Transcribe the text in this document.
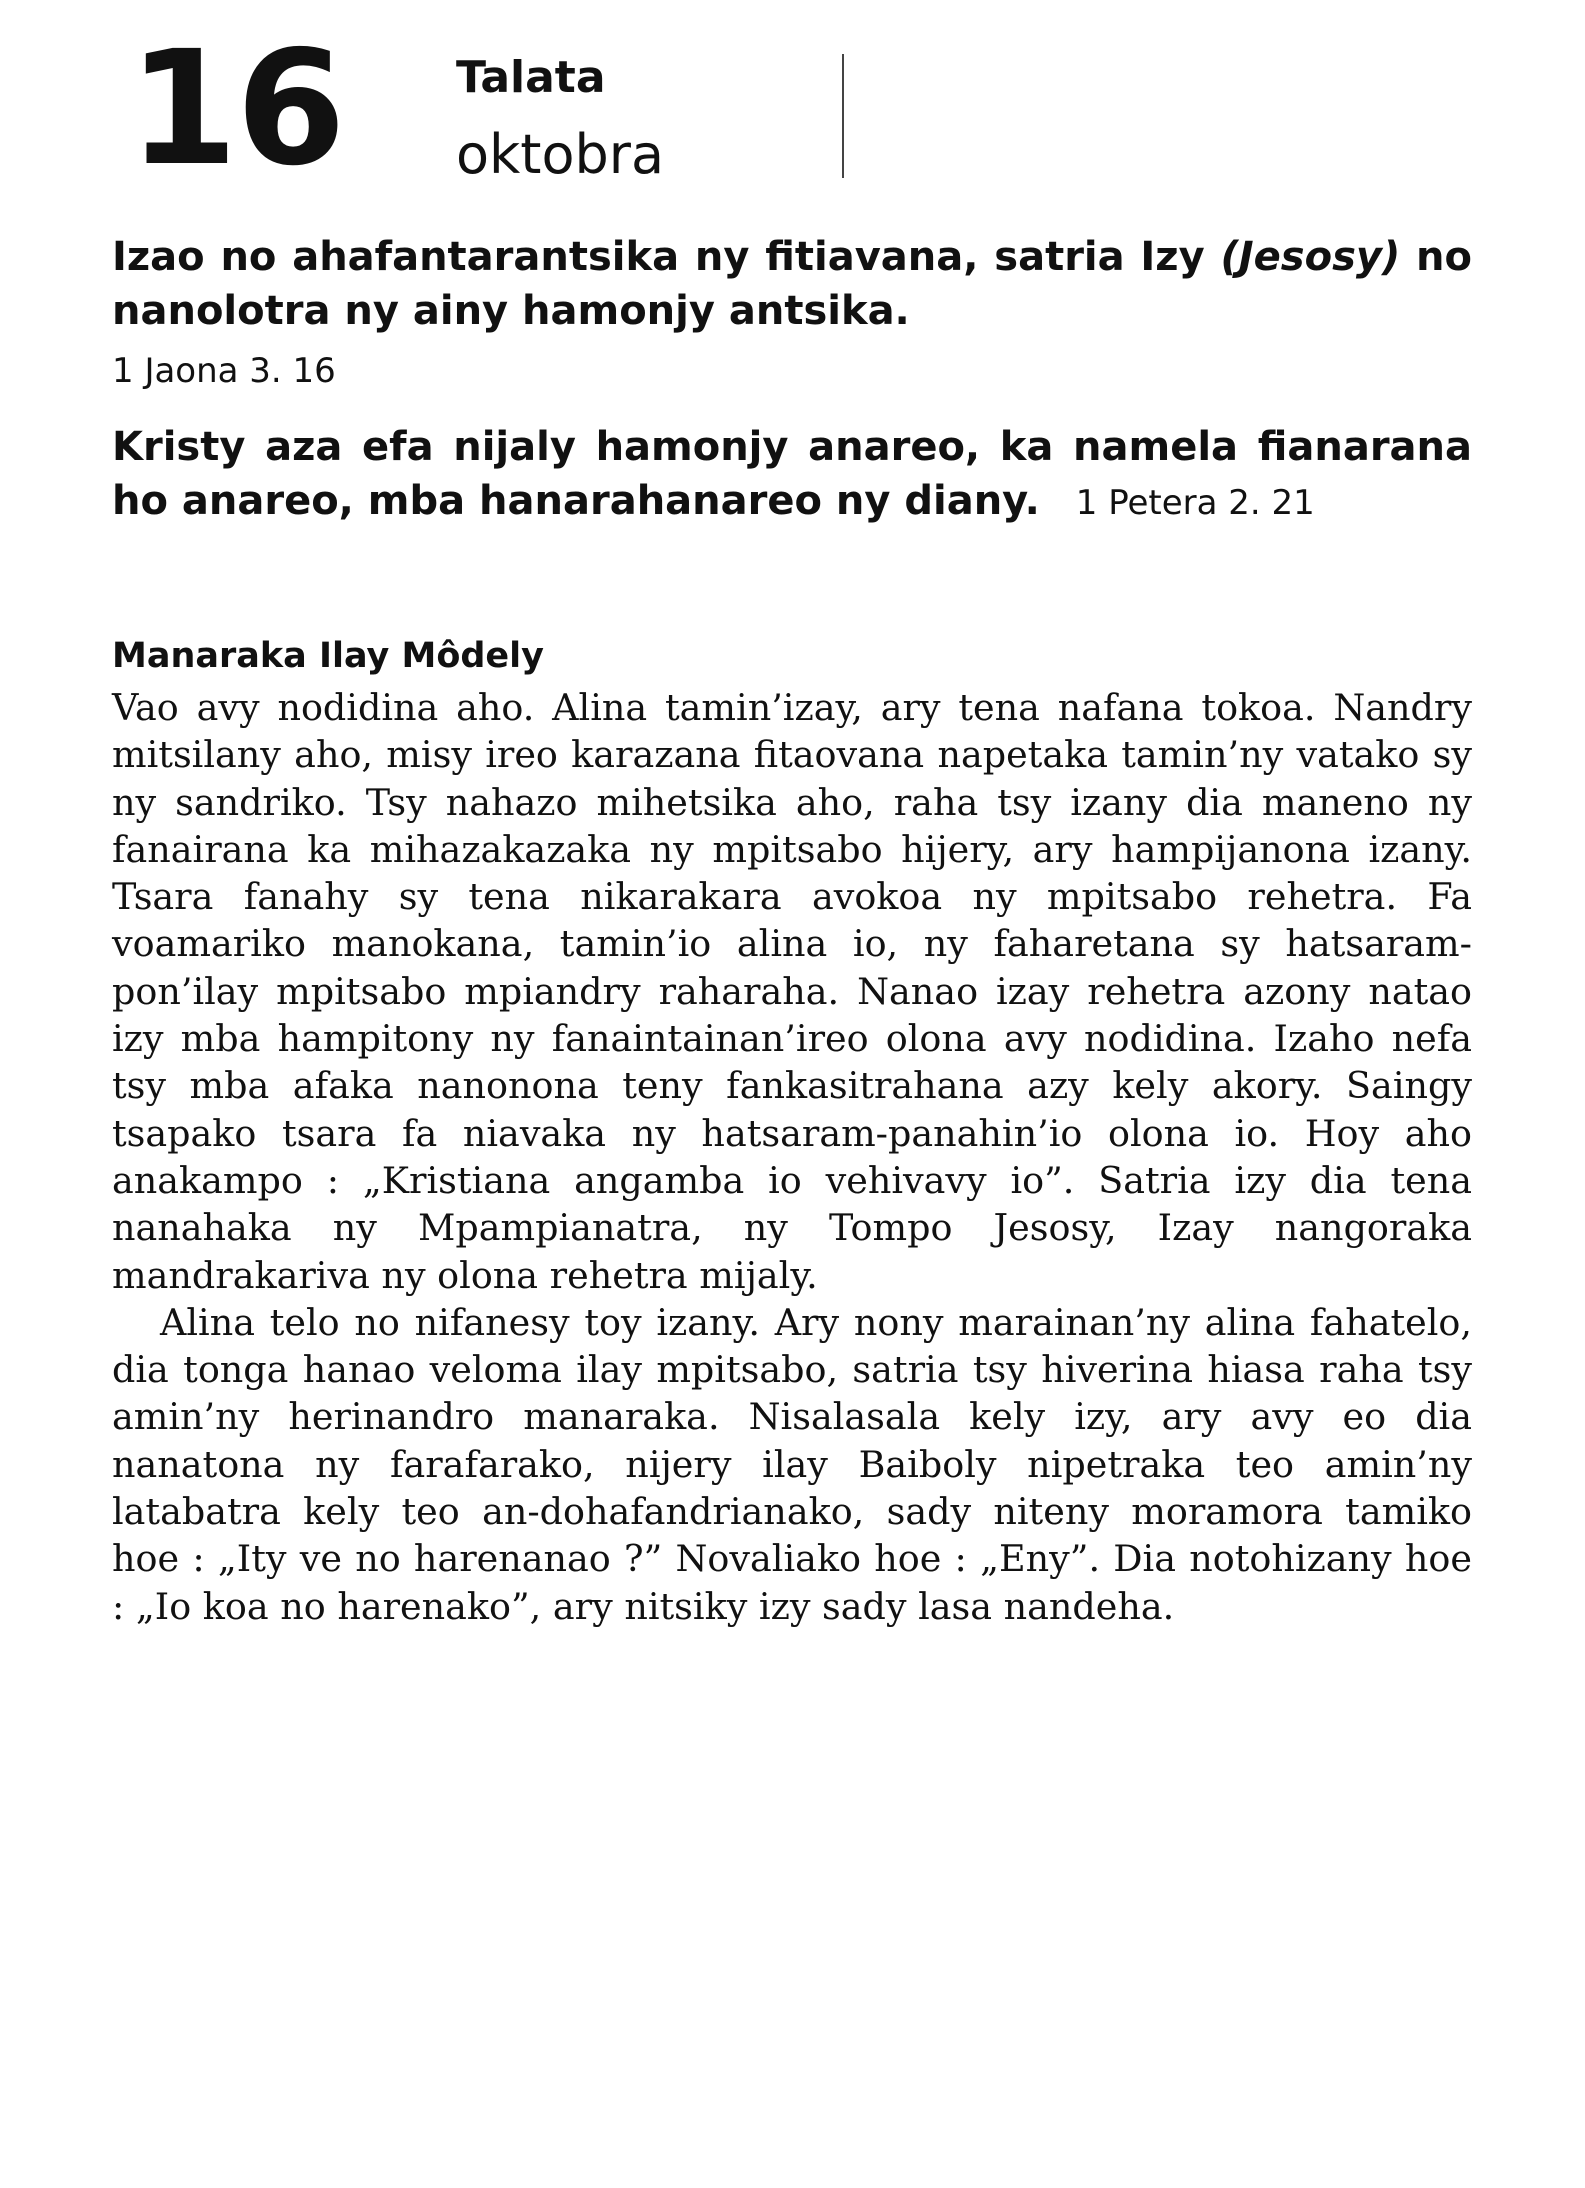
16	Talata
oktobra
Izao no ahafantarantsika ny fitiavana, satria Izy (Jesosy) no nanolotra ny ainy hamonjy antsika.
1 Jaona 3. 16
Kristy aza efa nijaly hamonjy anareo, ka namela fianarana ho anareo, mba hanarahanareo ny diany. 1 Petera 2. 21
Manaraka Ilay Môdely

Vao avy nodidina aho. Alina tamin’izay, ary tena nafana tokoa. Nandry mitsilany aho, misy ireo karazana fitaovana napetaka tamin’ny vatako sy ny sandriko. Tsy nahazo mihetsika aho, raha tsy izany dia maneno ny fanairana ka mihazakazaka ny mpitsabo hijery, ary hampijanona izany. Tsara fanahy sy tena nikarakara avokoa ny mpitsabo rehetra. Fa voamariko manokana, tamin’io alina io, ny faharetana sy hatsaram-pon’ilay mpitsabo mpiandry raharaha. Nanao izay rehetra azony natao izy mba hampitony ny fanaintainan’ireo olona avy nodidina. Izaho nefa tsy mba afaka nanonona teny fankasitrahana azy kely akory. Saingy tsapako tsara fa niavaka ny hatsaram-panahin’io olona io. Hoy aho anakampo : „Kristiana angamba io vehivavy io”. Satria izy dia tena nanahaka ny Mpampianatra, ny Tompo Jesosy, Izay nangoraka mandrakariva ny olona rehetra mijaly.

Alina telo no nifanesy toy izany. Ary nony marainan’ny alina fahatelo, dia tonga hanao veloma ilay mpitsabo, satria tsy hiverina hiasa raha tsy amin’ny herinandro manaraka. Nisalasala kely izy, ary avy eo dia nanatona ny farafarako, nijery ilay Baiboly nipetraka teo amin’ny latabatra kely teo an-dohafandrianako, sady niteny moramora tamiko hoe : „Ity ve no harenanao ?” Novaliako hoe : „Eny”. Dia notohizany hoe : „Io koa no harenako”, ary nitsiky izy sady lasa nandeha.
